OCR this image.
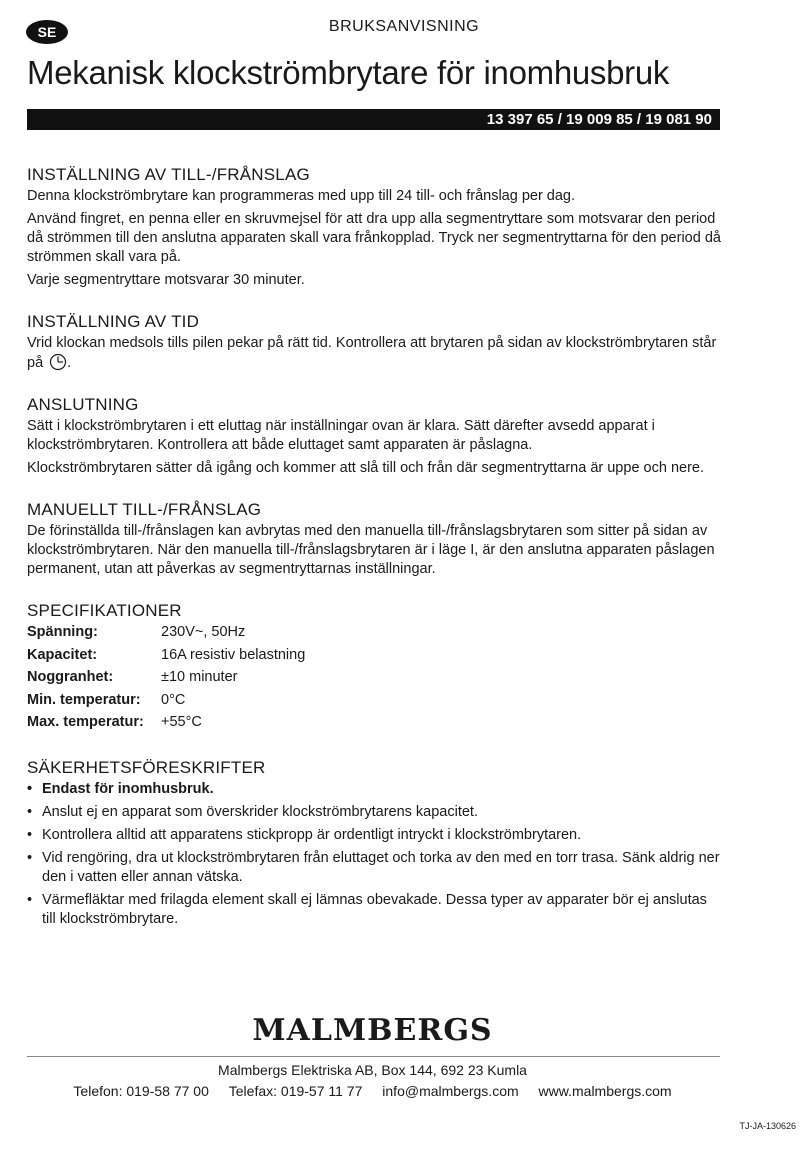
SE	BRUKSANVISNING
Mekanisk klockströmbrytare för inomhusbruk
13 397 65 / 19 009 85 / 19 081 90
INSTÄLLNING AV TILL-/FRÅNSLAG

Denna klockströmbrytare kan programmeras med upp till 24 till- och frånslag per dag.

Använd fingret, en penna eller en skruvmejsel för att dra upp alla segmentryttare som motsvarar den period då strömmen till den anslutna apparaten skall vara frånkopplad. Tryck ner segmentryttarna för den period då strömmen skall vara på.

Varje segmentryttare motsvarar 30 minuter.

INSTÄLLNING AV TID

Vrid klockan medsols tills pilen pekar på rätt tid. Kontrollera att brytaren på sidan av klockströmbrytaren står på .

ANSLUTNING

Sätt i klockströmbrytaren i ett eluttag när inställningar ovan är klara. Sätt därefter avsedd apparat i klockströmbrytaren. Kontrollera att både eluttaget samt apparaten är påslagna.

Klockströmbrytaren sätter då igång och kommer att slå till och från där segmentryttarna är uppe och nere.

MANUELLT TILL-/FRÅNSLAG

De förinställda till-/frånslagen kan avbrytas med den manuella till-/frånslagsbrytaren som sitter på sidan av klockströmbrytaren. När den manuella till-/frånslagsbrytaren är i läge I, är den anslutna apparaten påslagen permanent, utan att påverkas av segmentryttarnas inställningar.

SPECIFIKATIONER
Spänning:	230V~, 50Hz
Kapacitet:	16A resistiv belastning
Noggranhet:	±10 minuter
Min. temperatur:	0°C
Max. temperatur:	+55°C
SÄKERHETSFÖRESKRIFTER
• Endast för inomhusbruk.
• Anslut ej en apparat som överskrider klockströmbrytarens kapacitet.
• Kontrollera alltid att apparatens stickpropp är ordentligt intryckt i klockströmbrytaren.
• Vid rengöring, dra ut klockströmbrytaren från eluttaget och torka av den med en torr trasa. Sänk aldrig ner den i vatten eller annan vätska.
• Värmefläktar med frilagda element skall ej lämnas obevakade. Dessa typer av apparater bör ej anslutas till klockströmbrytare.
MALMBERGS
Malmbergs Elektriska AB, Box 144, 692 23 Kumla
Telefon: 019-58 77 00 Telefax: 019-57 11 77 info@malmbergs.com www.malmbergs.com
TJ-JA-130626
